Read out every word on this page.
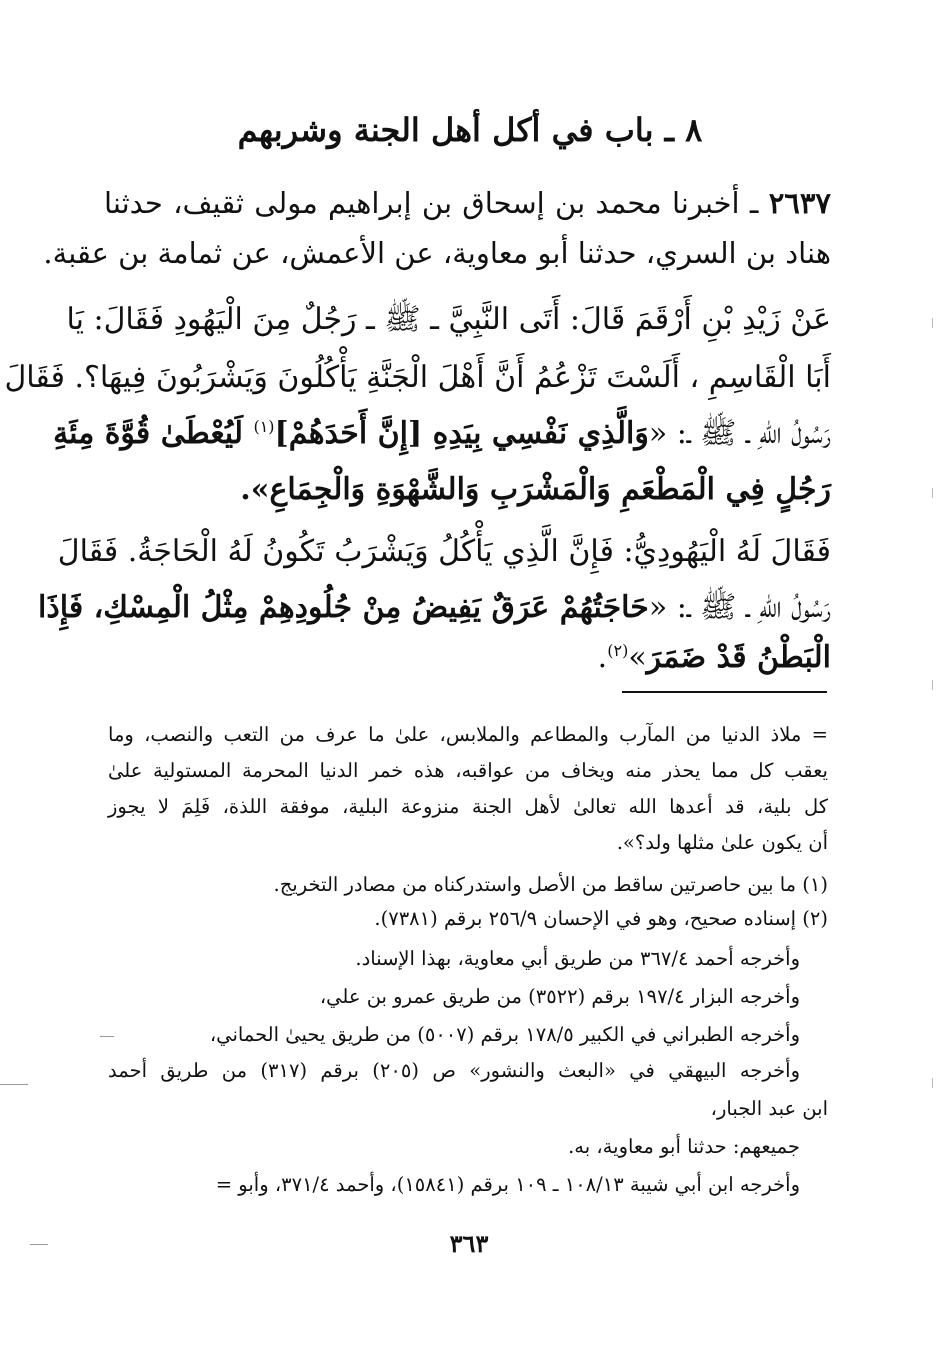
٨ ـ باب في أكل أهل الجنة وشربهم
٢٦٣٧ ـ أخبرنا محمد بن إسحاق بن إبراهيم مولى ثقيف، حدثنا
هناد بن السري، حدثنا أبو معاوية، عن الأعمش، عن ثمامة بن عقبة.
عَنْ زَيْدِ بْنِ أَرْقَمَ قَالَ: أَتَى النَّبِيَّ ـ ﷺ ـ رَجُلٌ مِنَ الْيَهُودِ فَقَالَ: يَا
أَبَا الْقَاسِمِ ، أَلَسْتَ تَزْعُمُ أَنَّ أَهْلَ الْجَنَّةِ يَأْكُلُونَ وَيَشْرَبُونَ فِيهَا؟. فَقَالَ
رَسُولُ اللهِ ـ ﷺ ـ: «وَالَّذِي نَفْسِي بِيَدِهِ [إِنَّ أَحَدَهُمْ]$^{(١)}$ لَيُعْطَىٰ قُوَّةَ مِئَةِ
رَجُلٍ فِي الْمَطْعَمِ وَالْمَشْرَبِ وَالشَّهْوَةِ وَالْجِمَاعِ».
فَقَالَ لَهُ الْيَهُودِيُّ: فَإِنَّ الَّذِي يَأْكُلُ وَيَشْرَبُ تَكُونُ لَهُ الْحَاجَةُ. فَقَالَ
رَسُولُ اللهِ ـ ﷺ ـ: «حَاجَتُهُمْ عَرَقٌ يَفِيضُ مِنْ جُلُودِهِمْ مِثْلُ الْمِسْكِ، فَإِذَا
الْبَطْنُ قَدْ ضَمَرَ»$^{(٢)}$.
= ملاذ الدنيا من المآرب والمطاعم والملابس، علىٰ ما عرف من التعب والنصب، وما
يعقب كل مما يحذر منه ويخاف من عواقبه، هذه خمر الدنيا المحرمة المستولية علىٰ
كل بلية، قد أعدها الله تعالىٰ لأهل الجنة منزوعة البلية، موفقة اللذة، فَلِمَ لا يجوز
أن يكون علىٰ مثلها ولد؟».
(١) ما بين حاصرتين ساقط من الأصل واستدركناه من مصادر التخريج.
(٢) إسناده صحيح، وهو في الإحسان ٢٥٦/٩ برقم (٧٣٨١).
وأخرجه أحمد ٣٦٧/٤ من طريق أبي معاوية، بهذا الإسناد.
وأخرجه البزار ١٩٧/٤ برقم (٣٥٢٢) من طريق عمرو بن علي،
وأخرجه الطبراني في الكبير ١٧٨/٥ برقم (٥٠٠٧) من طريق يحيىٰ الحماني،
وأخرجه البيهقي في «البعث والنشور» ص (٢٠٥) برقم (٣١٧) من طريق أحمد
ابن عبد الجبار،
جميعهم: حدثنا أبو معاوية، به.
وأخرجه ابن أبي شيبة ١٠٨/١٣ ـ ١٠٩ برقم (١٥٨٤١)، وأحمد ٣٧١/٤، وأبو =
٣٦٣
